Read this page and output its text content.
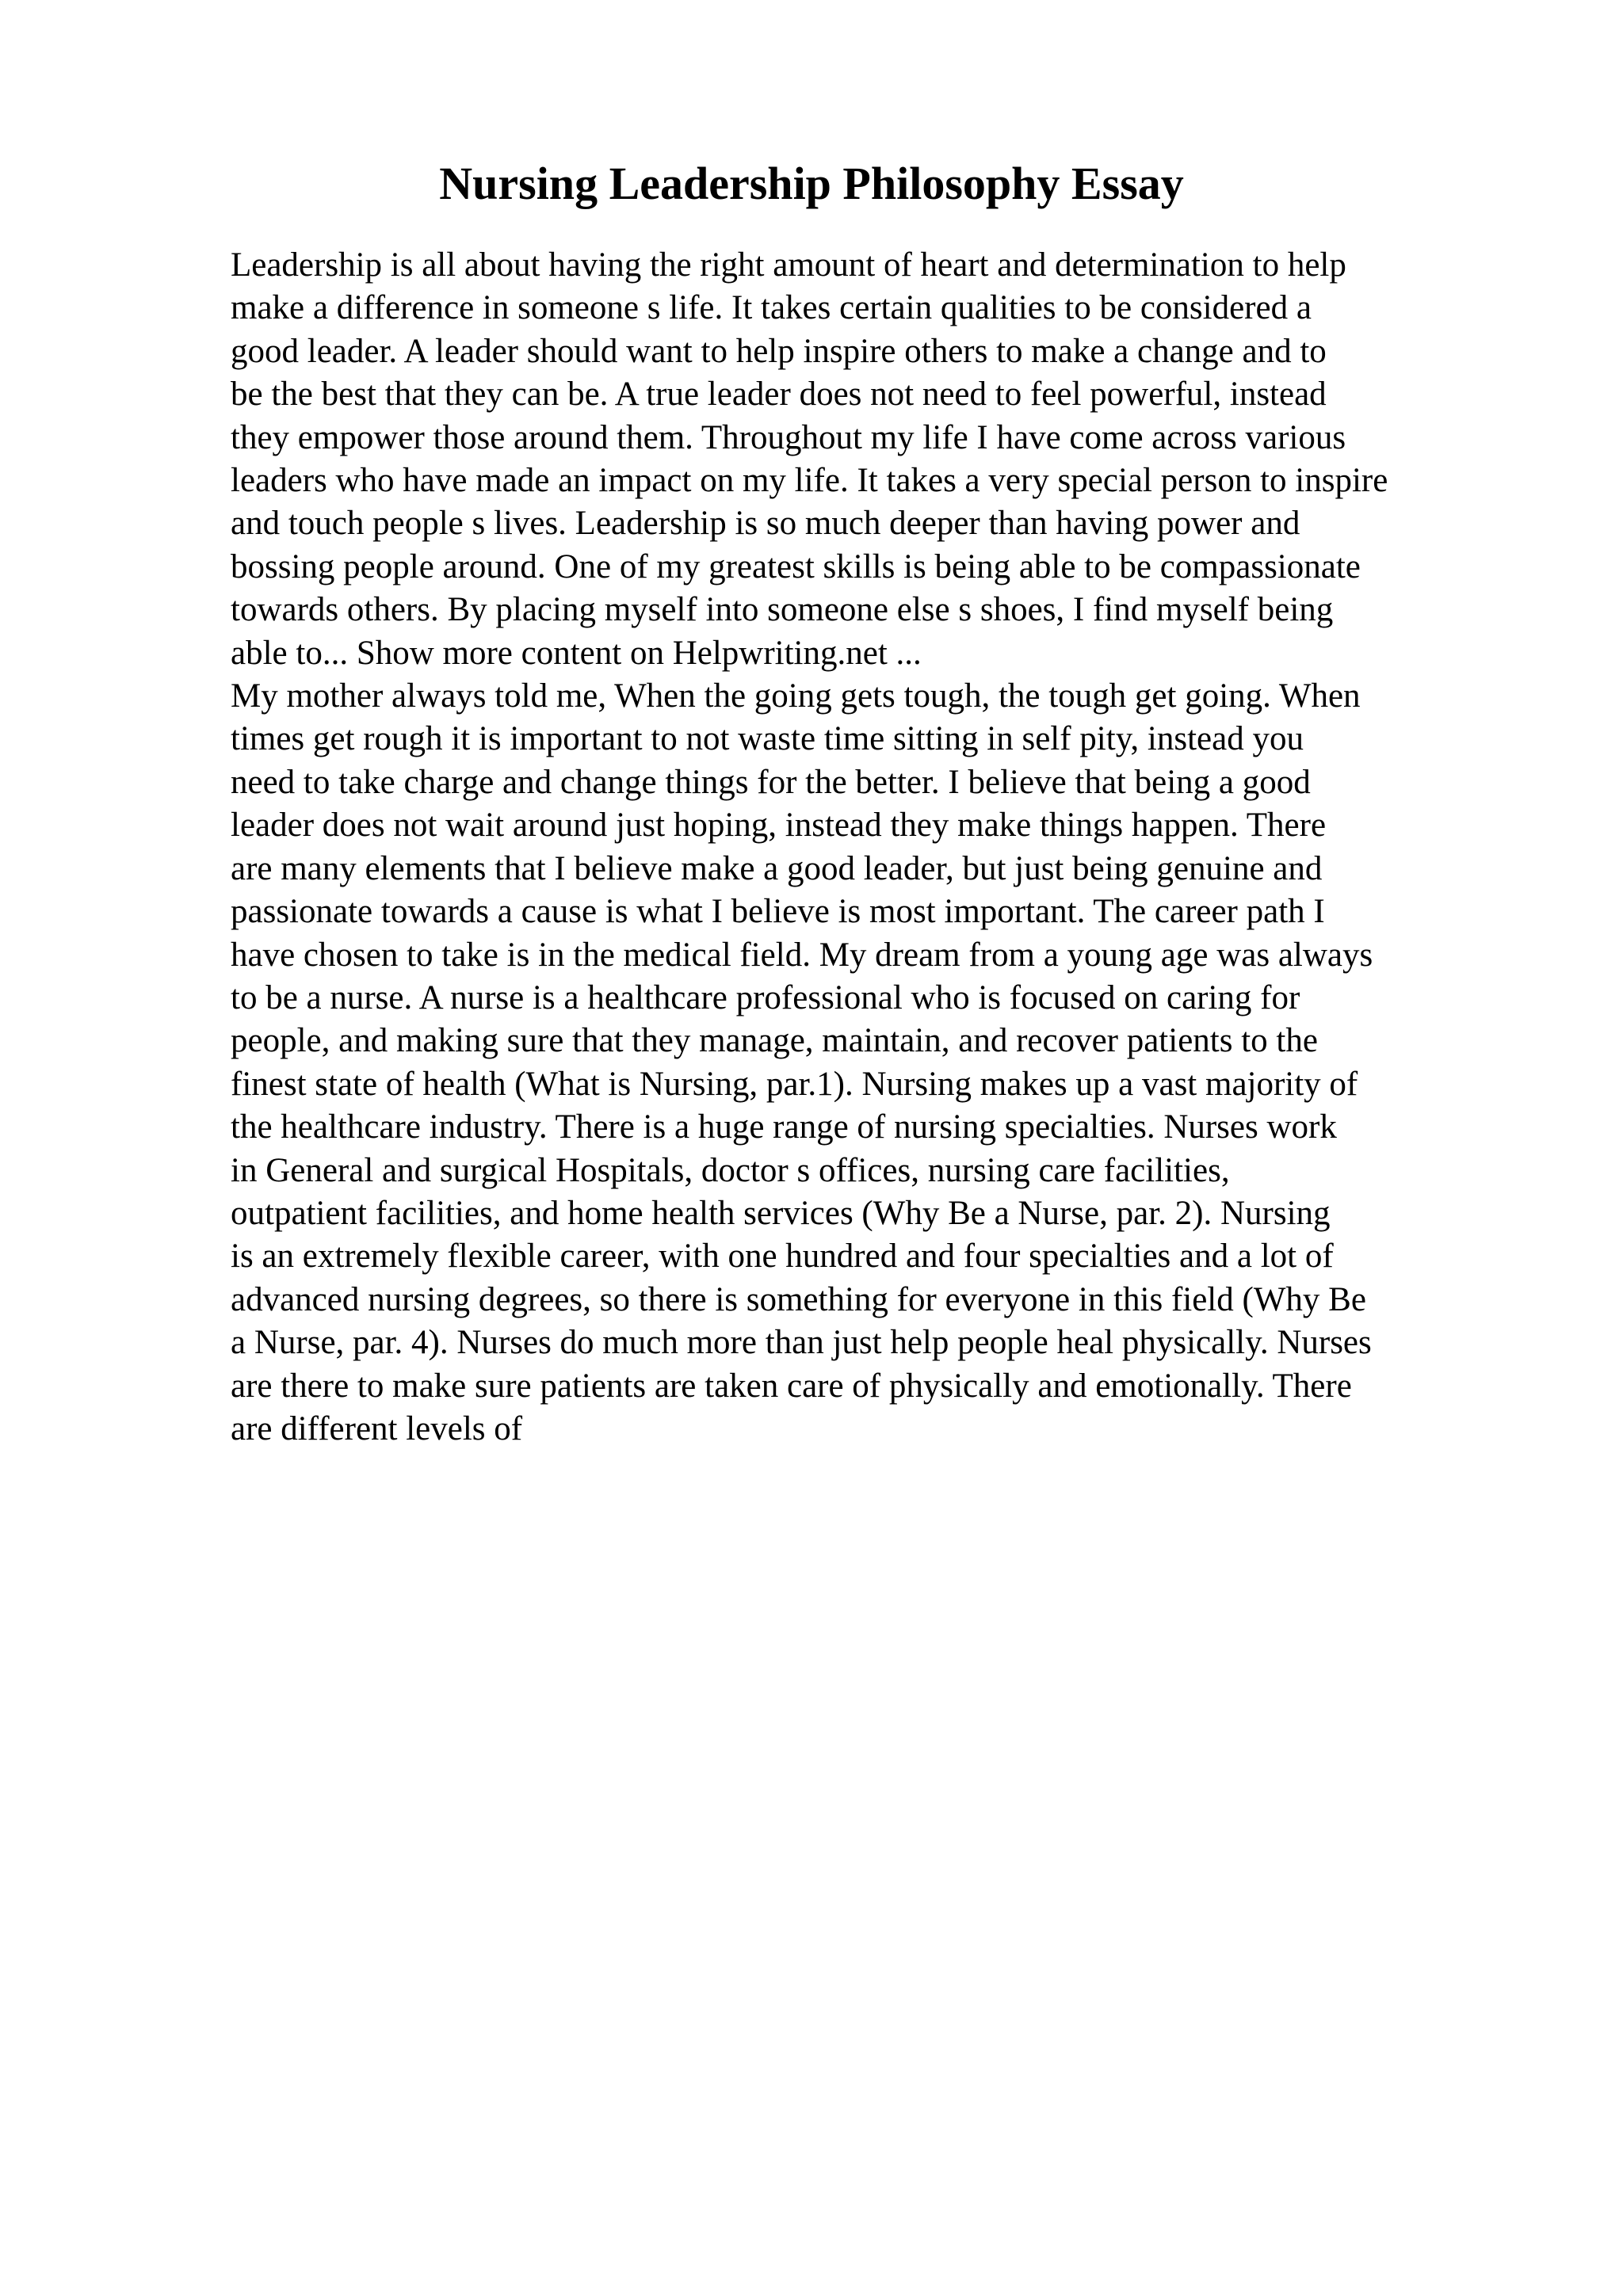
Nursing Leadership Philosophy Essay
Leadership is all about having the right amount of heart and determination to help
make a difference in someone s life. It takes certain qualities to be considered a
good leader. A leader should want to help inspire others to make a change and to
be the best that they can be. A true leader does not need to feel powerful, instead
they empower those around them. Throughout my life I have come across various
leaders who have made an impact on my life. It takes a very special person to inspire
and touch people s lives. Leadership is so much deeper than having power and
bossing people around. One of my greatest skills is being able to be compassionate
towards others. By placing myself into someone else s shoes, I find myself being
able to... Show more content on Helpwriting.net ...
My mother always told me, When the going gets tough, the tough get going. When
times get rough it is important to not waste time sitting in self pity, instead you
need to take charge and change things for the better. I believe that being a good
leader does not wait around just hoping, instead they make things happen. There
are many elements that I believe make a good leader, but just being genuine and
passionate towards a cause is what I believe is most important. The career path I
have chosen to take is in the medical field. My dream from a young age was always
to be a nurse. A nurse is a healthcare professional who is focused on caring for
people, and making sure that they manage, maintain, and recover patients to the
finest state of health (What is Nursing, par.1). Nursing makes up a vast majority of
the healthcare industry. There is a huge range of nursing specialties. Nurses work
in General and surgical Hospitals, doctor s offices, nursing care facilities,
outpatient facilities, and home health services (Why Be a Nurse, par. 2). Nursing
is an extremely flexible career, with one hundred and four specialties and a lot of
advanced nursing degrees, so there is something for everyone in this field (Why Be
a Nurse, par. 4). Nurses do much more than just help people heal physically. Nurses
are there to make sure patients are taken care of physically and emotionally. There
are different levels of
